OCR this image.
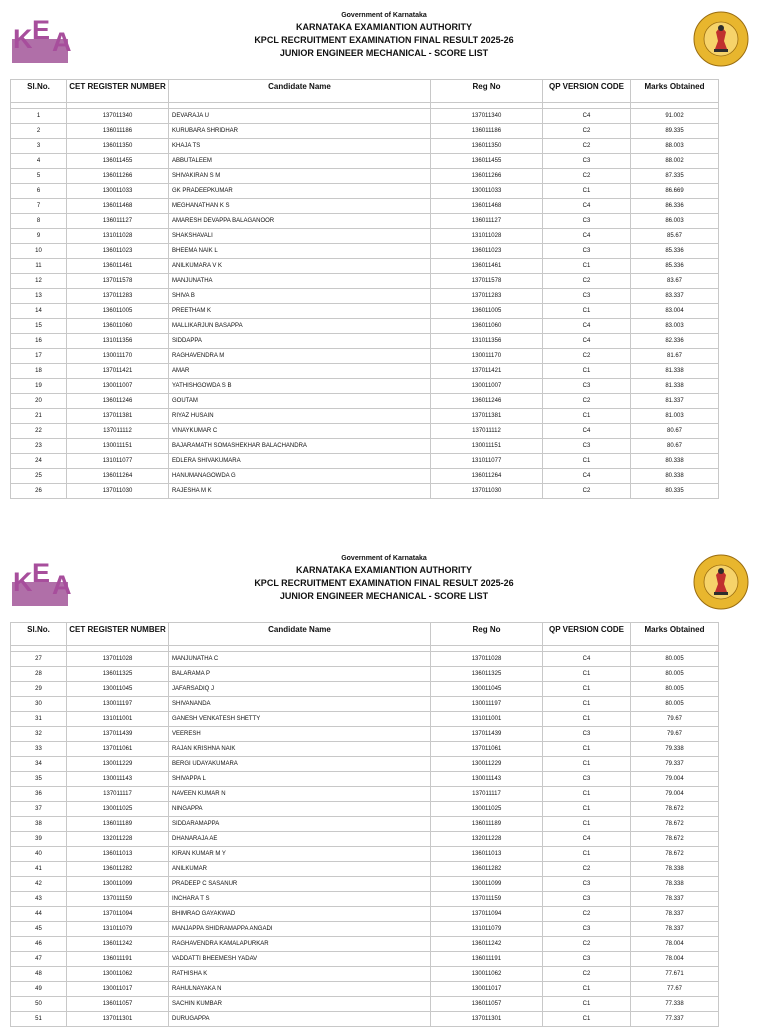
K E A
Government of Karnataka
KARNATAKA EXAMIANTION AUTHORITY
KPCL RECRUITMENT EXAMINATION FINAL RESULT 2025-26
JUNIOR ENGINEER MECHANICAL - SCORE LIST
Sl.No.	CET REGISTER NUMBER	Candidate Name	Reg No	QP VERSION CODE	Marks Obtained

1	137011340	DEVARAJA U	137011340	C4	91.002
2	136011186	KURUBARA SHRIDHAR	136011186	C2	89.335
3	136011350	KHAJA TS	136011350	C2	88.003
4	136011455	ABBUTALEEM	136011455	C3	88.002
5	136011266	SHIVAKIRAN S M	136011266	C2	87.335
6	130011033	GK PRADEEPKUMAR	130011033	C1	86.669
7	136011468	MEGHANATHAN K S	136011468	C4	86.336
8	136011127	AMARESH DEVAPPA BALAGANOOR	136011127	C3	86.003
9	131011028	SHAKSHAVALI	131011028	C4	85.67
10	136011023	BHEEMA NAIK L	136011023	C3	85.336
11	136011461	ANILKUMARA V K	136011461	C1	85.336
12	137011578	MANJUNATHA	137011578	C2	83.67
13	137011283	SHIVA B	137011283	C3	83.337
14	136011005	PREETHAM K	136011005	C1	83.004
15	136011060	MALLIKARJUN BASAPPA	136011060	C4	83.003
16	131011356	SIDDAPPA	131011356	C4	82.336
17	130011170	RAGHAVENDRA M	130011170	C2	81.67
18	137011421	AMAR	137011421	C1	81.338
19	130011007	YATHISHGOWDA S B	130011007	C3	81.338
20	136011246	GOUTAM	136011246	C2	81.337
21	137011381	RIYAZ HUSAIN	137011381	C1	81.003
22	137011112	VINAYKUMAR C	137011112	C4	80.67
23	130011151	BAJARAMATH SOMASHEKHAR BALACHANDRA	130011151	C3	80.67
24	131011077	EDLERA SHIVAKUMARA	131011077	C1	80.338
25	136011264	HANUMANAGOWDA G	136011264	C4	80.338
26	137011030	RAJESHA M K	137011030	C2	80.335
K E A
Government of Karnataka
KARNATAKA EXAMIANTION AUTHORITY
KPCL RECRUITMENT EXAMINATION FINAL RESULT 2025-26
JUNIOR ENGINEER MECHANICAL - SCORE LIST
Sl.No.	CET REGISTER NUMBER	Candidate Name	Reg No	QP VERSION CODE	Marks Obtained

27	137011028	MANJUNATHA C	137011028	C4	80.005
28	136011325	BALARAMA P	136011325	C1	80.005
29	130011045	JAFARSADIQ J	130011045	C1	80.005
30	130011197	SHIVANANDA	130011197	C1	80.005
31	131011001	GANESH VENKATESH SHETTY	131011001	C1	79.67
32	137011439	VEERESH	137011439	C3	79.67
33	137011061	RAJAN KRISHNA NAIK	137011061	C1	79.338
34	130011229	BERGI UDAYAKUMARA	130011229	C1	79.337
35	130011143	SHIVAPPA L	130011143	C3	79.004
36	137011117	NAVEEN KUMAR N	137011117	C1	79.004
37	130011025	NINGAPPA	130011025	C1	78.672
38	136011189	SIDDARAMAPPA	136011189	C1	78.672
39	132011228	DHANARAJA AE	132011228	C4	78.672
40	136011013	KIRAN KUMAR M Y	136011013	C1	78.672
41	136011282	ANILKUMAR	136011282	C2	78.338
42	130011099	PRADEEP C SASANUR	130011099	C3	78.338
43	137011159	INCHARA T S	137011159	C3	78.337
44	137011094	BHIMRAO GAYAKWAD	137011094	C2	78.337
45	131011079	MANJAPPA SHIDRAMAPPA ANGADI	131011079	C3	78.337
46	136011242	RAGHAVENDRA KAMALAPURKAR	136011242	C2	78.004
47	136011191	VADDATTI BHEEMESH YADAV	136011191	C3	78.004
48	130011062	RATHISHA K	130011062	C2	77.671
49	130011017	RAHULNAYAKA N	130011017	C1	77.67
50	136011057	SACHIN KUMBAR	136011057	C1	77.338
51	137011301	DURUGAPPA	137011301	C1	77.337
